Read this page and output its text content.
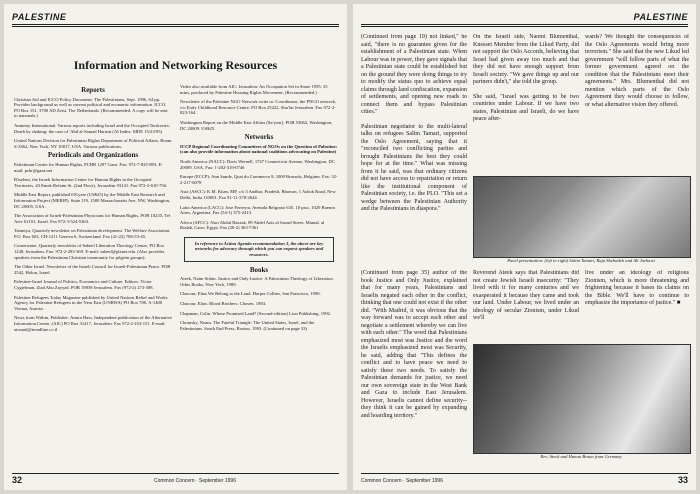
PALESTINE
Information and Networking Resources
Reports

Christian Aid and ICCO Policy Document: The Palestinians, Sept. 1996, 64 pp. Provides background as well as current political and economic information. ICCO, PO Box 151, 3700 AD Zeist, The Netherlands. (Recommended. A copy will be sent to nationals.)

Amnesty International. Various reports including Israel and the Occupied Territories: Death by shaking: the case of 'Abd al-Samad Harizat (AI Index: MDE 15/23/95)

United Nations Division for Palestinian Rights Department of Political Affairs, Room S-3362, New York, NY 10017, USA. Various publications.

Periodicals and Organizations

Palestinian Centre for Human Rights, PCHR 1297 Gaza. Fax: 972-7-825-893. E-mail: pchr@gaza.net

B'tselem, the Israeli Information Center for Human Rights in the Occupied Territories. 43 Emek Refaim St. (2nd Floor), Jerusalem 93141. Fax 972-2-610-756.

Middle East Report, published 6X/year (US$25) by the Middle East Research and Information Project (MERIP), Suite 119, 1500 Massachusetts Ave, NW, Washington, DC 20005, USA.

The Association of Israeli-Palestinian Physicians for Human Rights, POB 10235, Tel Aviv 61101, Israel. Fax 972-3-524-5363.

Tanmiya, Quarterly newsletter on Palestinian development. The Welfare Association. P.O. Box 602, CH-1211 Geneva 6, Switzerland. Fax (41-22) 786-53-45.

Cornerstone, Quarterly newsletter of Sabeel Liberation Theology Centre, PO Box 1248, Jerusalem. Fax: 972-2-283-369. E-mail: sabeel@planet.edu. (Also provides speakers from the Palestinian Christian community for pilgrim groups).

The Other Israel. Newsletter of the Israeli Council for Israeli-Palestinian Peace. POB 2542, Holon, Israel.

Palestine-Israel Journal of Politics, Economics and Culture. Editors: Victor Cygielman, Ziad Abu Zayyad. POB 19839 Jerusalem. Fax (972-2) 273-388.

Palestine Refugees Today Magazine published by United Nations Relief and Works Agency for Palestine Refugees in the Near East (UNRWA) PO Box 700, A-1400 Vienna, Austria.

News from Within, Publisher: Amira Hass, Independent publication of the Alternative Information Centre, (AIC) PO Box 31417, Jerusalem. Fax 972-2-253-151. E-mail: aicmail@trendline.co.il

Video also available from AIC: Jerusalem: An Occupation Set in Stone 1995, 35 mins, produced by Palestine Housing Rights Movement. (Recommended.)

Newsletter of the Palestine NGO Network write to: Coordinator, the PNGO network, c/o Early Childhood Resource Centre, PO Box 25222, Shu'fat Jerusalem. Fax 972-2-823-164.

Washington Report on the Middle East Affairs (8x/year), POB 53062, Washington, DC 20009. US$25.

Networks

ICCP Regional Coordinating Committees of NGOs on the Question of Palestine: (can also provide information about national coalitions advocating on Palestine)

North America (NACC): Doris Wernell, 1747 Connecticut Avenue, Washington, DC 20009, USA. Fax: 1-202-319-0746

Europe (ECCP): Ann Sunde, Quai du Commerce 9, 1000 Brussels, Belgium. Fax: 32-2-217-6078

Asia (ASCC): K.M. Khan, MP, c/o 3 Andhra, Pradesh, Bhawan, 1 Ashok Road, New Delhi, India 110001. Fax 91-11-378-2644.

Latin America (LACC): Jose Ferreyra, Avenida Belgrano 635, 10 piso, 1029 Buenos Aires, Argentina. Fax (54-1) 375-2413.

Africa (AFCC): Nuri Abdul Razzak, 89 Abdel Aziz al Saoud Street, Manial, al Rodah, Cairo, Egypt. Fax (20-2) 363-7361

In reference to Action Agenda recommendation 3, the above are key networks for advocacy through which you can request speakers and resources.
Books

Ateek, Naim Stifan. Justice and Only Justice: A Palestinian Theology of Liberation. Orbis Books, New York, 1989.

Chacour, Elias We Belong to the Land. Harper Collins, San Francisco, 1990.

Chacour, Elias. Blood Brothers. Chosen, 1984.

Chapman, Colin. Whose Promised Land? (Second edition) Lion Publishing, 1992.

Chomsky, Noam. The Fateful Triangle: The United States, Israel, and the Palestinians. South End Press, Boston, 1983. (Continued on page 33)

32	Common Concern · September 1996
PALESTINE

(Continued from page 19) not linked," he said, "there is no guarantee given for the establishment of a Palestinian state. When Labour was in power, they gave signals that a Palestinian state could be established but on the ground they were doing things to try to modify the status quo to achieve equal claims through land confiscation, expansion of settlements, and opening new roads to connect them and bypass Palestinian cities."

Palestinian negotiator to the multi-lateral talks on refugees Salim Tamari, supported the Oslo Agreement, saying that it "reconciled two conflicting parties and brought Palestinians the best they could hope for at the time." What was missing from it he said, was that ordinary citizens did not have access to repatriation or return like the institutional component of Palestinian society, i.e. the PLO. "This set a wedge between the Palestinian Authority and the Palestinians in diaspora."

On the Israeli side, Naomi Blumenthal, Knesset Member from the Likud Party, did not support the Oslo Accords, believing that Israel had given away too much and that they did not have enough support from Israeli society. "We gave things up and our partners didn't," she told the group.

She said, "Israel was getting to be two countries under Labour. If we have two states, Palestinian and Israeli, do we have peace after-

wards? We thought the consequences of the Oslo Agreements would bring more terrorism." She said that the new Likud led government "will follow parts of what the former government agreed on the condition that the Palestinians meet their agreements." Mrs. Blumenthal did not mention which parts of the Oslo Agreement they would choose to follow, or what alternative vision they offered.

Panel presentation: (left to right) Salim Tamari, Raja Shehadeh and Ali Jarbawi

(Continued from page 35) author of the book Justice and Only Justice, explained that for many years, Palestinians and Israelis negated each other in the conflict, thinking that one could not exist if the other did. "With Madrid, it was obvious that the way forward was to accept each other and negotiate a settlement whereby we can live with each other." The word that Palestinians emphasized most was Justice and the word the Israelis emphasized most was Security, he said, adding that "This defines the conflict and to have peace we need to satisfy these two needs. To satisfy the Palestinian demands for justice, we need our own sovereign state in the West Bank and Gaza to include East Jerusalem. However, Israelis cannot define security--they think it can be gained by expanding and hoarding territory."

Reverend Ateek says that Palestinians did not create Jewish Israeli insecurity: "They lived with it for many centuries and we exasperated it because they came and took our land. Under Labour, we lived under an ideology of secular Zionism, under Likud we'll

live under an ideology of religious Zionism, which is more threatening and frightening because it bases its claims on the Bible. We'll have to continue to emphasize the importance of justice." ■

Rev. Ateek and Hanna Braun from Germany
Common Concern · September 1996	33
